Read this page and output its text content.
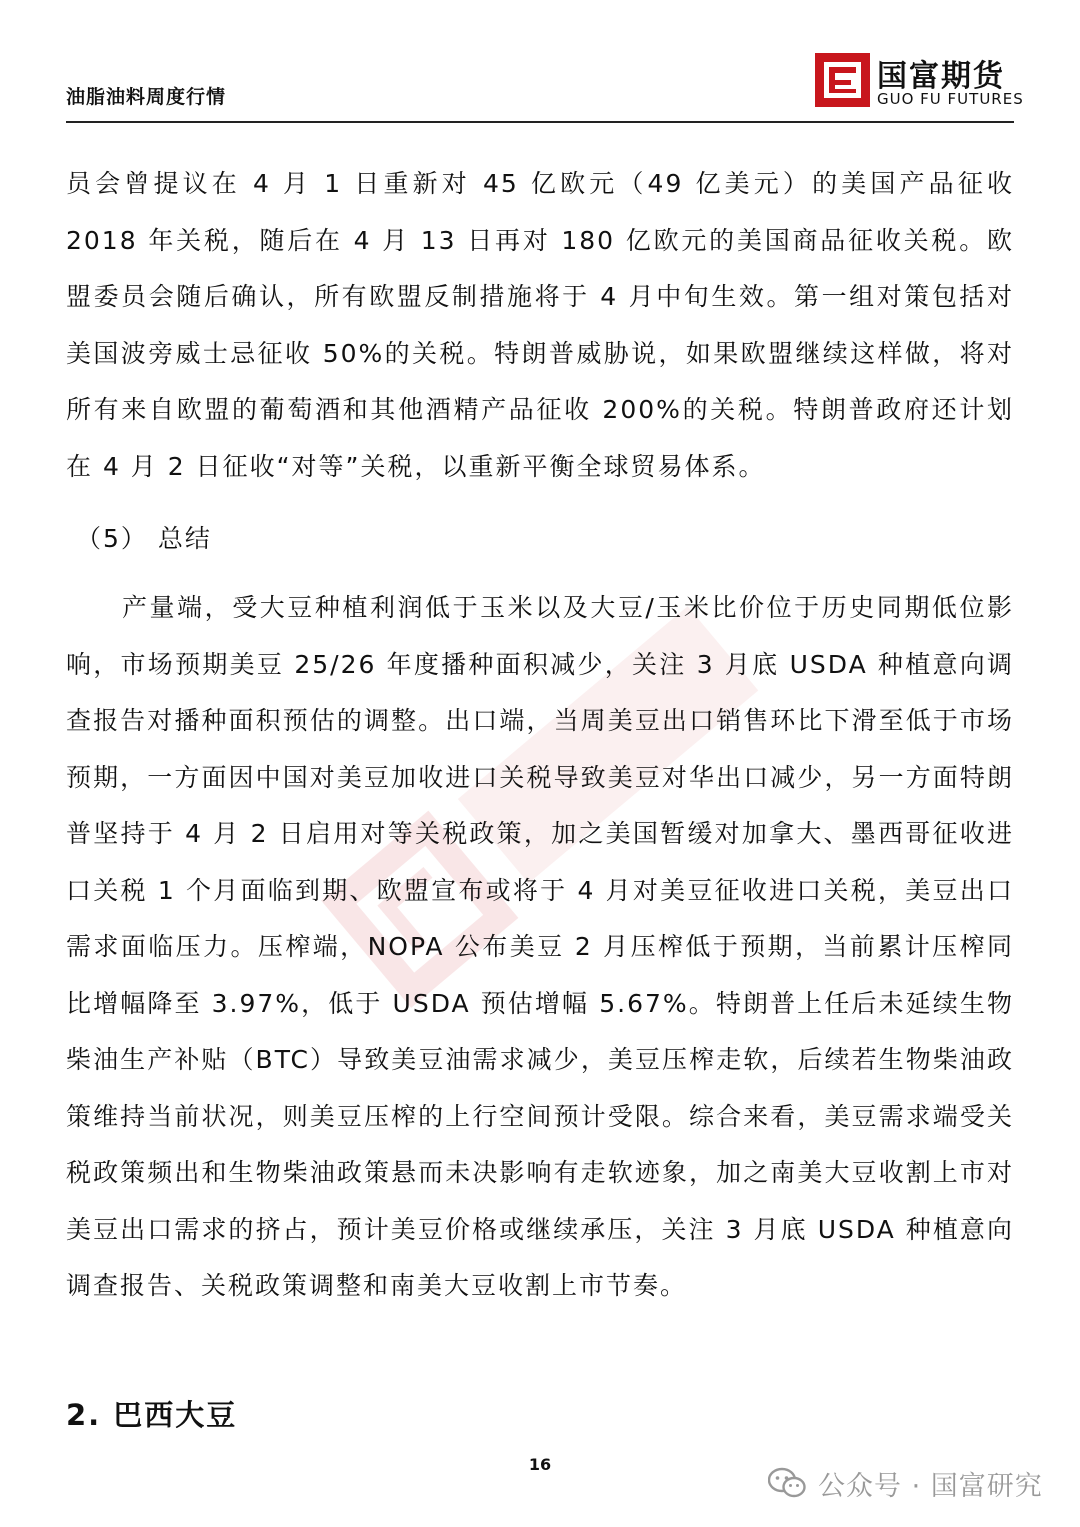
油脂油料周度行情
国富期货
GUO FU FUTURES

员会曾提议在 4 月 1 日重新对 45 亿欧元（49 亿美元）的美国产品征收 2018 年关税，随后在 4 月 13 日再对 180 亿欧元的美国商品征收关税。欧盟委员会随后确认，所有欧盟反制措施将于 4 月中旬生效。第一组对策包括对美国波旁威士忌征收 50%的关税。特朗普威胁说，如果欧盟继续这样做，将对所有来自欧盟的葡萄酒和其他酒精产品征收 200%的关税。特朗普政府还计划在 4 月 2 日征收“对等”关税，以重新平衡全球贸易体系。

（5） 总结

产量端，受大豆种植利润低于玉米以及大豆/玉米比价位于历史同期低位影响，市场预期美豆 25/26 年度播种面积减少，关注 3 月底 USDA 种植意向调查报告对播种面积预估的调整。出口端，当周美豆出口销售环比下滑至低于市场预期，一方面因中国对美豆加收进口关税导致美豆对华出口减少，另一方面特朗普坚持于 4 月 2 日启用对等关税政策，加之美国暂缓对加拿大、墨西哥征收进口关税 1 个月面临到期、欧盟宣布或将于 4 月对美豆征收进口关税，美豆出口需求面临压力。压榨端，NOPA 公布美豆 2 月压榨低于预期，当前累计压榨同比增幅降至 3.97%，低于 USDA 预估增幅 5.67%。特朗普上任后未延续生物柴油生产补贴（BTC）导致美豆油需求减少，美豆压榨走软，后续若生物柴油政策维持当前状况，则美豆压榨的上行空间预计受限。综合来看，美豆需求端受关税政策频出和生物柴油政策悬而未决影响有走软迹象，加之南美大豆收割上市对美豆出口需求的挤占，预计美豆价格或继续承压，关注 3 月底 USDA 种植意向调查报告、关税政策调整和南美大豆收割上市节奏。

2. 巴西大豆
16
公众号 · 国富研究
